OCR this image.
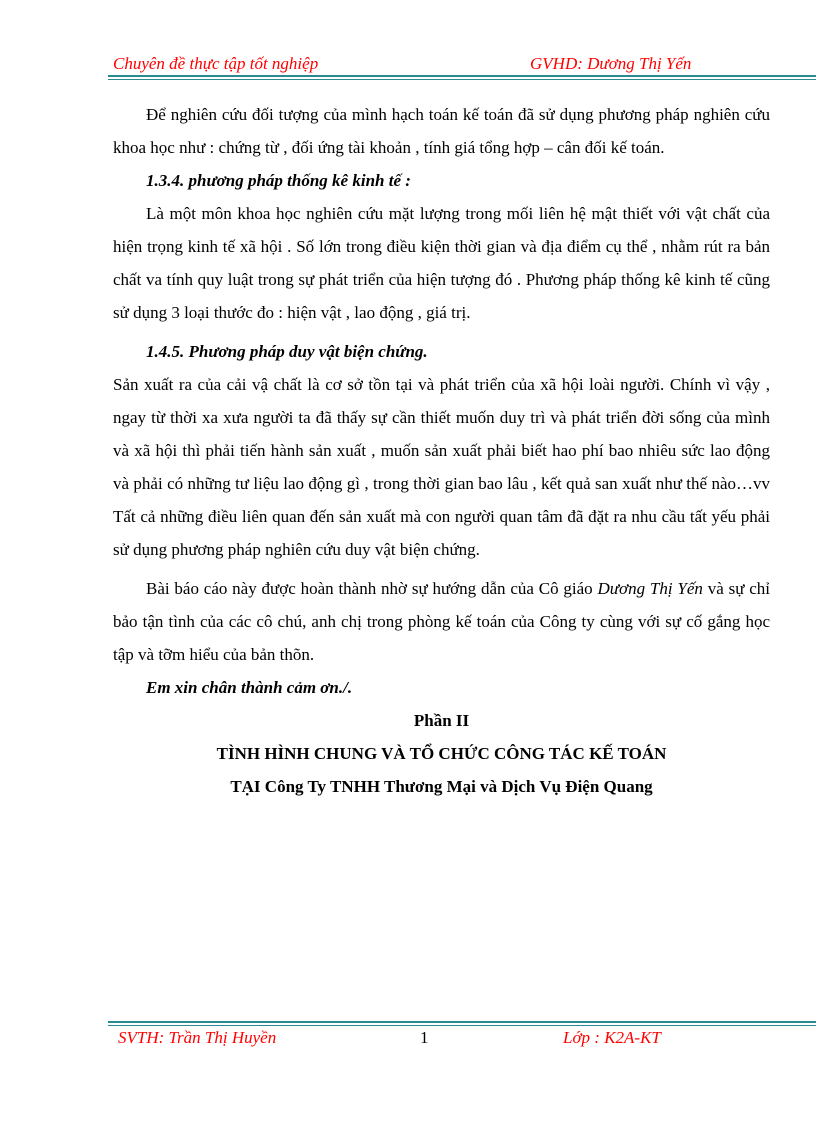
Chuyên đề thực tập tốt nghiệp	GVHD: Dương Thị Yến

Để nghiên cứu đối tượng của mình hạch toán kế toán đã sử dụng phương pháp nghiên cứu khoa học như : chứng từ , đối ứng tài khoản , tính giá tổng hợp – cân đối kế toán.

1.3.4. phương pháp thống kê kinh tế :

Là một môn khoa học nghiên cứu mặt lượng trong mối liên hệ mật thiết với vật chất của hiện trọng kinh tế xã hội . Số lớn trong điều kiện thời gian và địa điểm cụ thể , nhằm rút ra bản chất va tính quy luật trong sự phát triển của hiện tượng đó . Phương pháp thống kê kinh tế cũng sử dụng 3 loại thước đo : hiện vật , lao động , giá trị.

1.4.5. Phương pháp duy vật biện chứng.

Sản xuất ra của cải vậ chất là cơ sở tồn tại và phát triển của xã hội loài người. Chính vì vậy , ngay từ thời xa xưa người ta đã thấy sự cần thiết muốn duy trì và phát triển đời sống của mình và xã hội thì phải tiến hành sản xuất , muốn sản xuất phải biết hao phí bao nhiêu sức lao động và phải có những tư liệu lao động gì , trong thời gian bao lâu , kết quả san xuất như thế nào…vv Tất cả những điều liên quan đến sản xuất mà con người quan tâm đã đặt ra nhu cầu tất yếu phải sử dụng phương pháp nghiên cứu duy vật biện chứng.

Bài báo cáo này được hoàn thành nhờ sự hướng dẫn của Cô giáo Dương Thị Yến và sự chỉ bảo tận tình của các cô chú, anh chị trong phòng kế toán của Công ty cùng với sự cố gắng học tập và tỡm hiểu của bản thõn.

Em xin chân thành cảm ơn./.

Phần II

TÌNH HÌNH CHUNG VÀ TỔ CHỨC CÔNG TÁC KẾ TOÁN

TẠI Công Ty TNHH Thương Mại và Dịch Vụ Điện Quang

SVTH: Trần Thị Huyền	1	Lớp : K2A-KT
